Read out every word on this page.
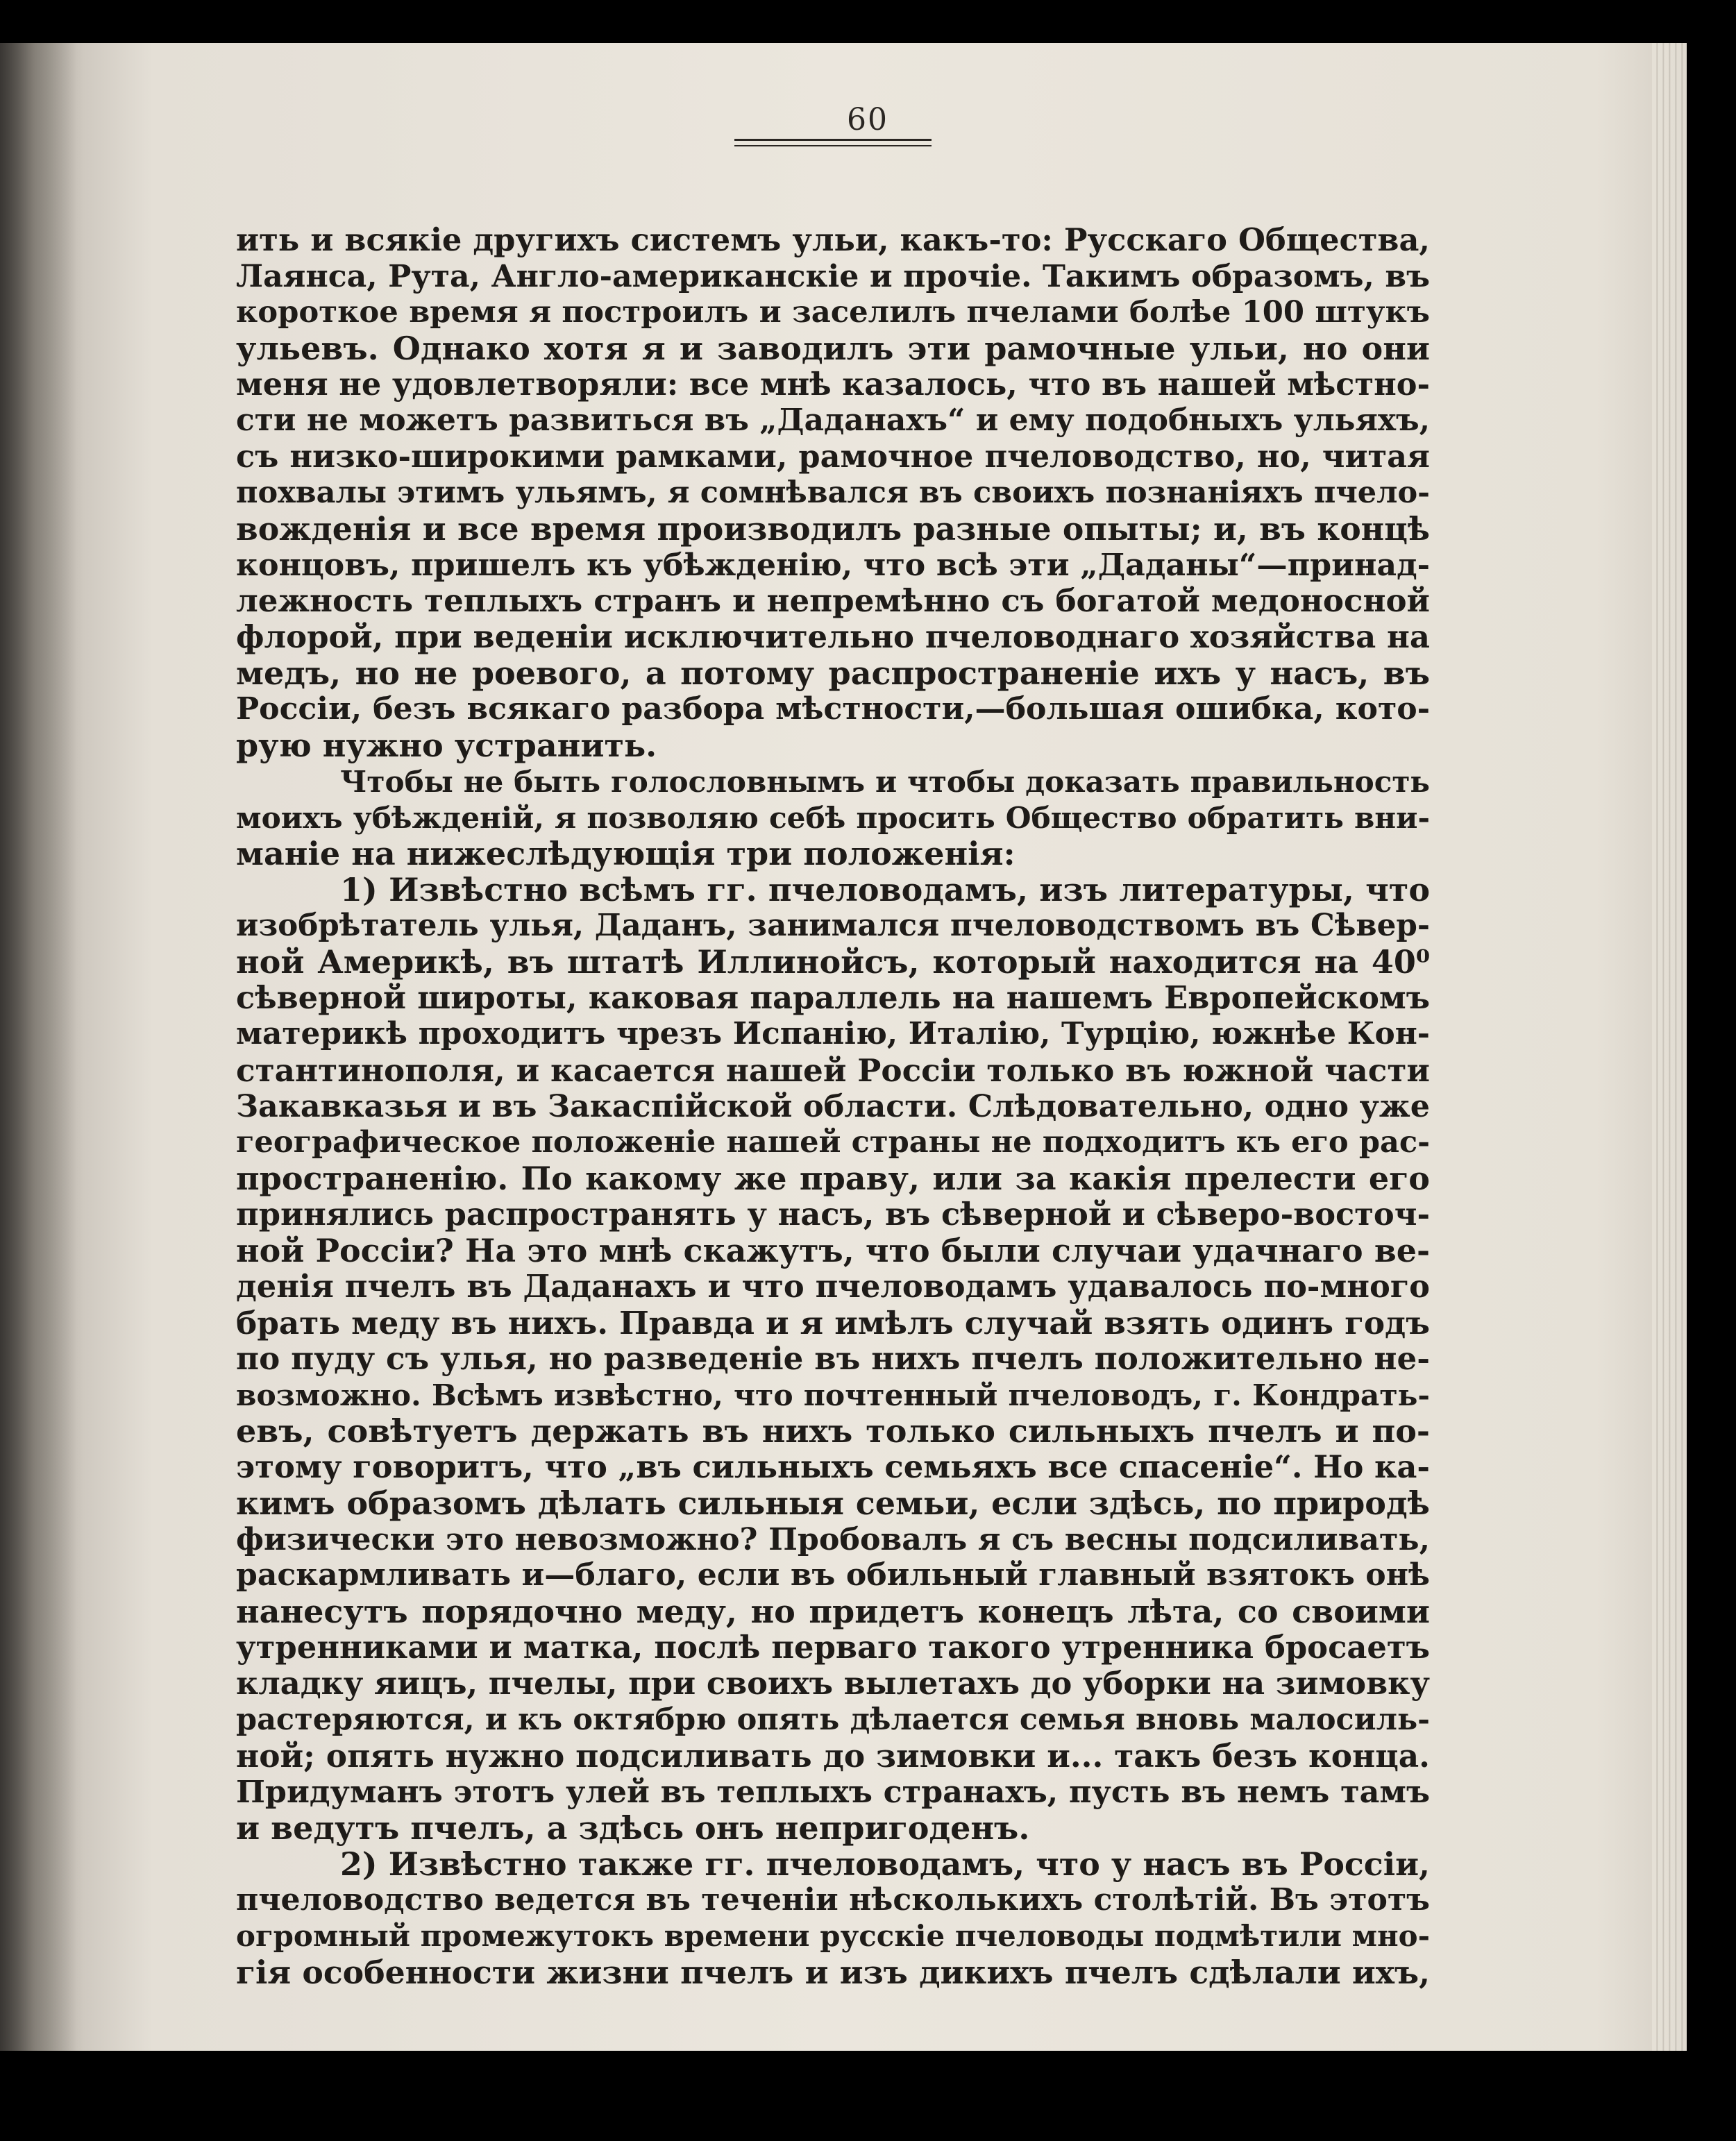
60
ить и всякіе другихъ системъ ульи, какъ-то: Русскаго Общества,
Лаянса, Рута, Англо-американскіе и прочіе. Такимъ образомъ, въ
короткое время я построилъ и заселилъ пчелами болѣе 100 штукъ
ульевъ. Однако хотя я и заводилъ эти рамочные ульи, но они
меня не удовлетворяли: все мнѣ казалось, что въ нашей мѣстно-
сти не можетъ развиться въ „Даданахъ“ и ему подобныхъ ульяхъ,
съ низко-широкими рамками, рамочное пчеловодство, но, читая
похвалы этимъ ульямъ, я сомнѣвался въ своихъ познаніяхъ пчело-
вожденія и все время производилъ разные опыты; и, въ концѣ
концовъ, пришелъ къ убѣжденію, что всѣ эти „Даданы“—принад-
лежность теплыхъ странъ и непремѣнно съ богатой медоносной
флорой, при веденіи исключительно пчеловоднаго хозяйства на
медъ, но не роевого, а потому распространеніе ихъ у насъ, въ
Россіи, безъ всякаго разбора мѣстности,—большая ошибка, кото-
рую нужно устранить.
Чтобы не быть голословнымъ и чтобы доказать правильность
моихъ убѣжденій, я позволяю себѣ просить Общество обратить вни-
маніе на нижеслѣдующія три положенія:
1) Извѣстно всѣмъ гг. пчеловодамъ, изъ литературы, что
изобрѣтатель улья, Даданъ, занимался пчеловодствомъ въ Сѣвер-
ной Америкѣ, въ штатѣ Иллинойсъ, который находится на 40⁰
сѣверной широты, каковая параллель на нашемъ Европейскомъ
материкѣ проходитъ чрезъ Испанію, Италію, Турцію, южнѣе Кон-
стантинополя, и касается нашей Россіи только въ южной части
Закавказья и въ Закаспійской области. Слѣдовательно, одно уже
географическое положеніе нашей страны не подходитъ къ его рас-
пространенію. По какому же праву, или за какія прелести его
принялись распространять у насъ, въ сѣверной и сѣверо-восточ-
ной Россіи? На это мнѣ скажутъ, что были случаи удачнаго ве-
денія пчелъ въ Даданахъ и что пчеловодамъ удавалось по-много
брать меду въ нихъ. Правда и я имѣлъ случай взять одинъ годъ
по пуду съ улья, но разведеніе въ нихъ пчелъ положительно не-
возможно. Всѣмъ извѣстно, что почтенный пчеловодъ, г. Кондрать-
евъ, совѣтуетъ держать въ нихъ только сильныхъ пчелъ и по-
этому говоритъ, что „въ сильныхъ семьяхъ все спасеніе“. Но ка-
кимъ образомъ дѣлать сильныя семьи, если здѣсь, по природѣ
физически это невозможно? Пробовалъ я съ весны подсиливать,
раскармливать и—благо, если въ обильный главный взятокъ онѣ
нанесутъ порядочно меду, но придетъ конецъ лѣта, со своими
утренниками и матка, послѣ перваго такого утренника бросаетъ
кладку яицъ, пчелы, при своихъ вылетахъ до уборки на зимовку
растеряются, и къ октябрю опять дѣлается семья вновь малосиль-
ной; опять нужно подсиливать до зимовки и... такъ безъ конца.
Придуманъ этотъ улей въ теплыхъ странахъ, пусть въ немъ тамъ
и ведутъ пчелъ, а здѣсь онъ непригоденъ.
2) Извѣстно также гг. пчеловодамъ, что у насъ въ Россіи,
пчеловодство ведется въ теченіи нѣсколькихъ столѣтій. Въ этотъ
огромный промежутокъ времени русскіе пчеловоды подмѣтили мно-
гія особенности жизни пчелъ и изъ дикихъ пчелъ сдѣлали ихъ,
